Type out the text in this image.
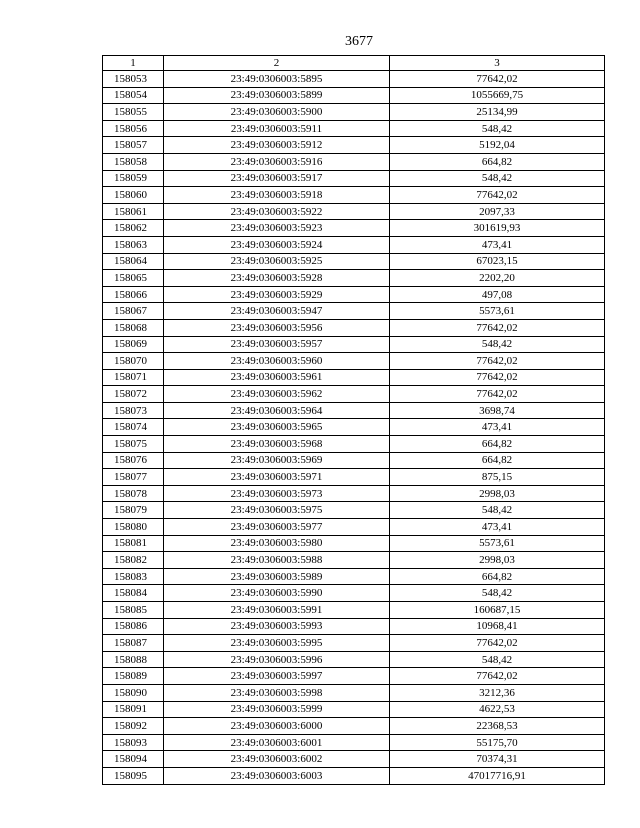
3677
1	2	3
158053	23:49:0306003:5895	77642,02
158054	23:49:0306003:5899	1055669,75
158055	23:49:0306003:5900	25134,99
158056	23:49:0306003:5911	548,42
158057	23:49:0306003:5912	5192,04
158058	23:49:0306003:5916	664,82
158059	23:49:0306003:5917	548,42
158060	23:49:0306003:5918	77642,02
158061	23:49:0306003:5922	2097,33
158062	23:49:0306003:5923	301619,93
158063	23:49:0306003:5924	473,41
158064	23:49:0306003:5925	67023,15
158065	23:49:0306003:5928	2202,20
158066	23:49:0306003:5929	497,08
158067	23:49:0306003:5947	5573,61
158068	23:49:0306003:5956	77642,02
158069	23:49:0306003:5957	548,42
158070	23:49:0306003:5960	77642,02
158071	23:49:0306003:5961	77642,02
158072	23:49:0306003:5962	77642,02
158073	23:49:0306003:5964	3698,74
158074	23:49:0306003:5965	473,41
158075	23:49:0306003:5968	664,82
158076	23:49:0306003:5969	664,82
158077	23:49:0306003:5971	875,15
158078	23:49:0306003:5973	2998,03
158079	23:49:0306003:5975	548,42
158080	23:49:0306003:5977	473,41
158081	23:49:0306003:5980	5573,61
158082	23:49:0306003:5988	2998,03
158083	23:49:0306003:5989	664,82
158084	23:49:0306003:5990	548,42
158085	23:49:0306003:5991	160687,15
158086	23:49:0306003:5993	10968,41
158087	23:49:0306003:5995	77642,02
158088	23:49:0306003:5996	548,42
158089	23:49:0306003:5997	77642,02
158090	23:49:0306003:5998	3212,36
158091	23:49:0306003:5999	4622,53
158092	23:49:0306003:6000	22368,53
158093	23:49:0306003:6001	55175,70
158094	23:49:0306003:6002	70374,31
158095	23:49:0306003:6003	47017716,91
